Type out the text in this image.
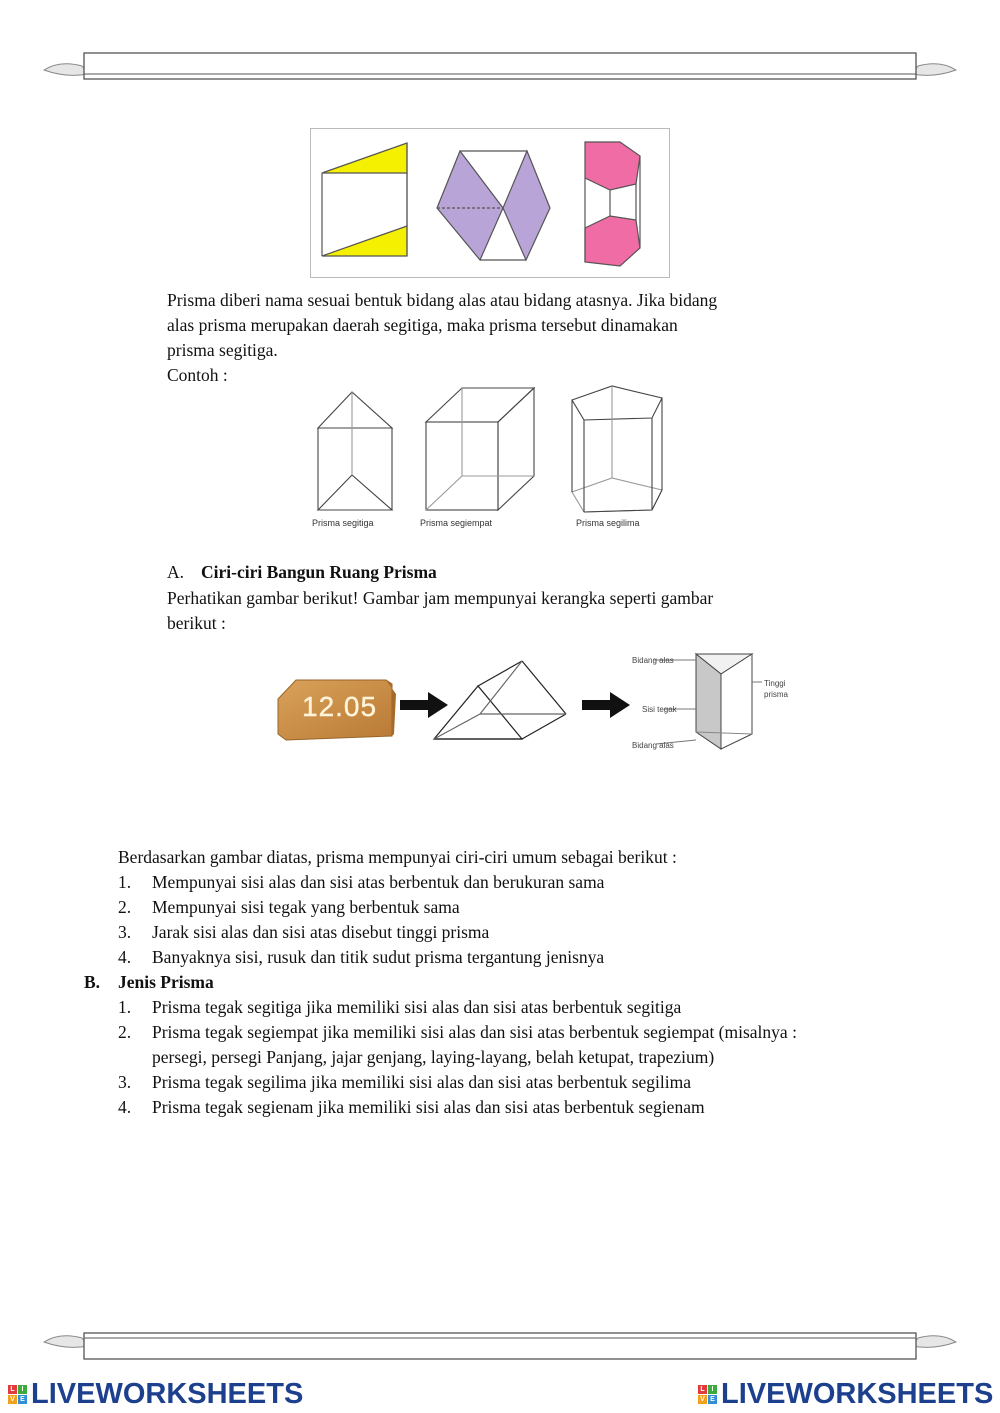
Prisma diberi nama sesuai bentuk bidang alas atau bidang atasnya. Jika bidang
alas prisma merupakan daerah segitiga, maka prisma tersebut dinamakan
prisma segitiga.
Contoh :
Prisma segitiga	Prisma segiempat	Prisma segilima
A. Ciri-ciri Bangun Ruang Prisma
Perhatikan gambar berikut! Gambar jam mempunyai kerangka seperti gambar
berikut :
12.05
Bidang alas
Sisi tegak
Bidang alas
Tinggi
prisma
Berdasarkan gambar diatas, prisma mempunyai ciri-ciri umum sebagai berikut :
1. Mempunyai sisi alas dan sisi atas berbentuk dan berukuran sama
2. Mempunyai sisi tegak yang berbentuk sama
3. Jarak sisi alas dan sisi atas disebut tinggi prisma
4. Banyaknya sisi, rusuk dan titik sudut prisma tergantung jenisnya
B. Jenis Prisma
1. Prisma tegak segitiga jika memiliki sisi alas dan sisi atas berbentuk segitiga
2. Prisma tegak segiempat jika memiliki sisi alas dan sisi atas berbentuk segiempat (misalnya :
persegi, persegi Panjang, jajar genjang, laying-layang, belah ketupat, trapezium)
3. Prisma tegak segilima jika memiliki sisi alas dan sisi atas berbentuk segilima
4. Prisma tegak segienam jika memiliki sisi alas dan sisi atas berbentuk segienam
L I
V E LIVEWORKSHEETS	L I
V E LIVEWORKSHEETS
